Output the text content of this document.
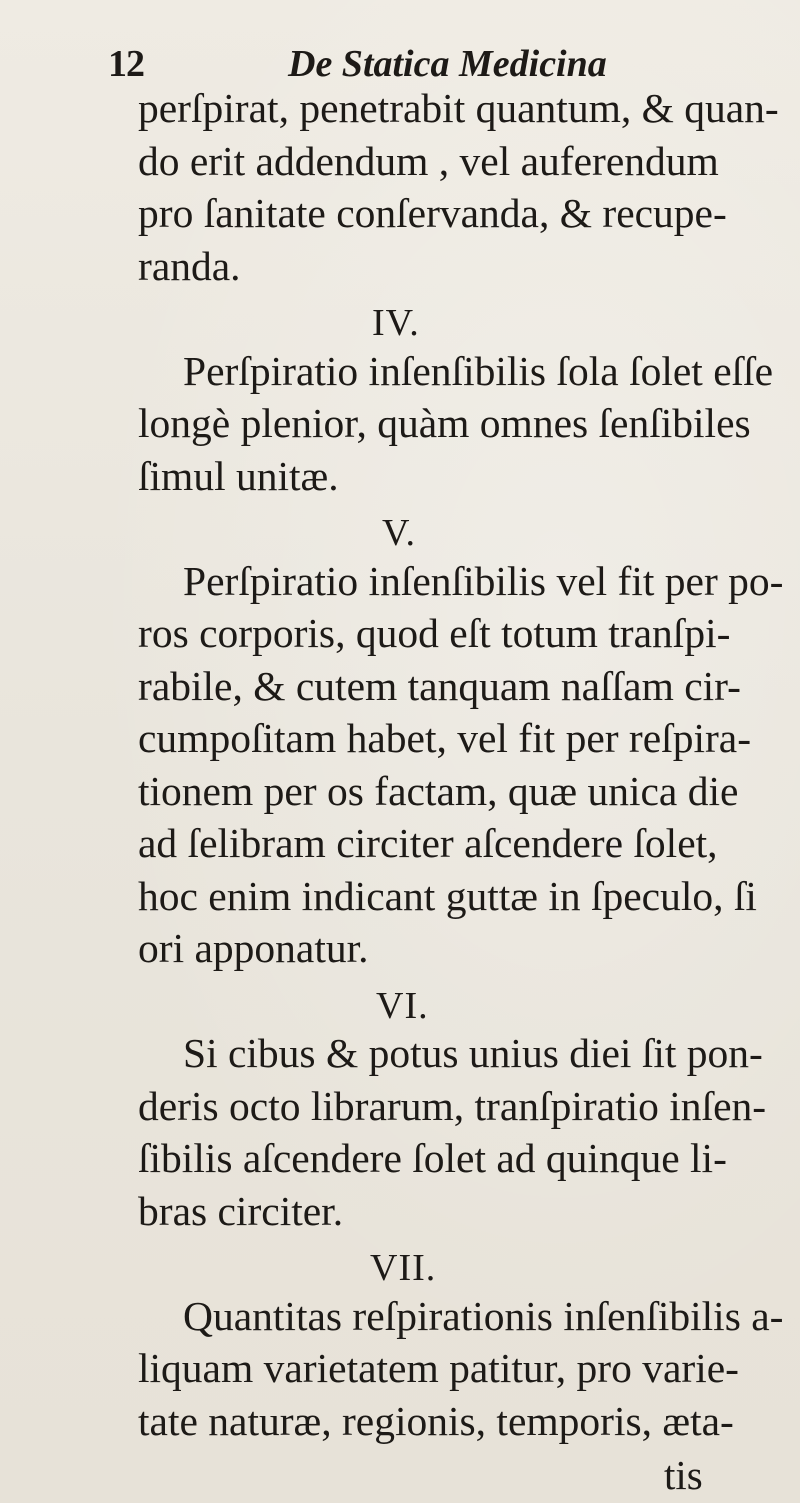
12	De Statica Medicina
perſpirat, penetrabit quantum, & quan-
do erit addendum , vel auferendum
pro ſanitate conſervanda, & recupe-
randa.
IV.
Perſpiratio inſenſibilis ſola ſolet eſſe
longè plenior, quàm omnes ſenſibiles
ſimul unitæ.
V.
Perſpiratio inſenſibilis vel fit per po-
ros corporis, quod eſt totum tranſpi-
rabile, & cutem tanquam naſſam cir-
cumpoſitam habet, vel fit per reſpira-
tionem per os factam, quæ unica die
ad ſelibram circiter aſcendere ſolet,
hoc enim indicant guttæ in ſpeculo, ſi
ori apponatur.
VI.
Si cibus & potus unius diei ſit pon-
deris octo librarum, tranſpiratio inſen-
ſibilis aſcendere ſolet ad quinque li-
bras circiter.
VII.
Quantitas reſpirationis inſenſibilis a-
liquam varietatem patitur, pro varie-
tate naturæ, regionis, temporis, æta-
tis
